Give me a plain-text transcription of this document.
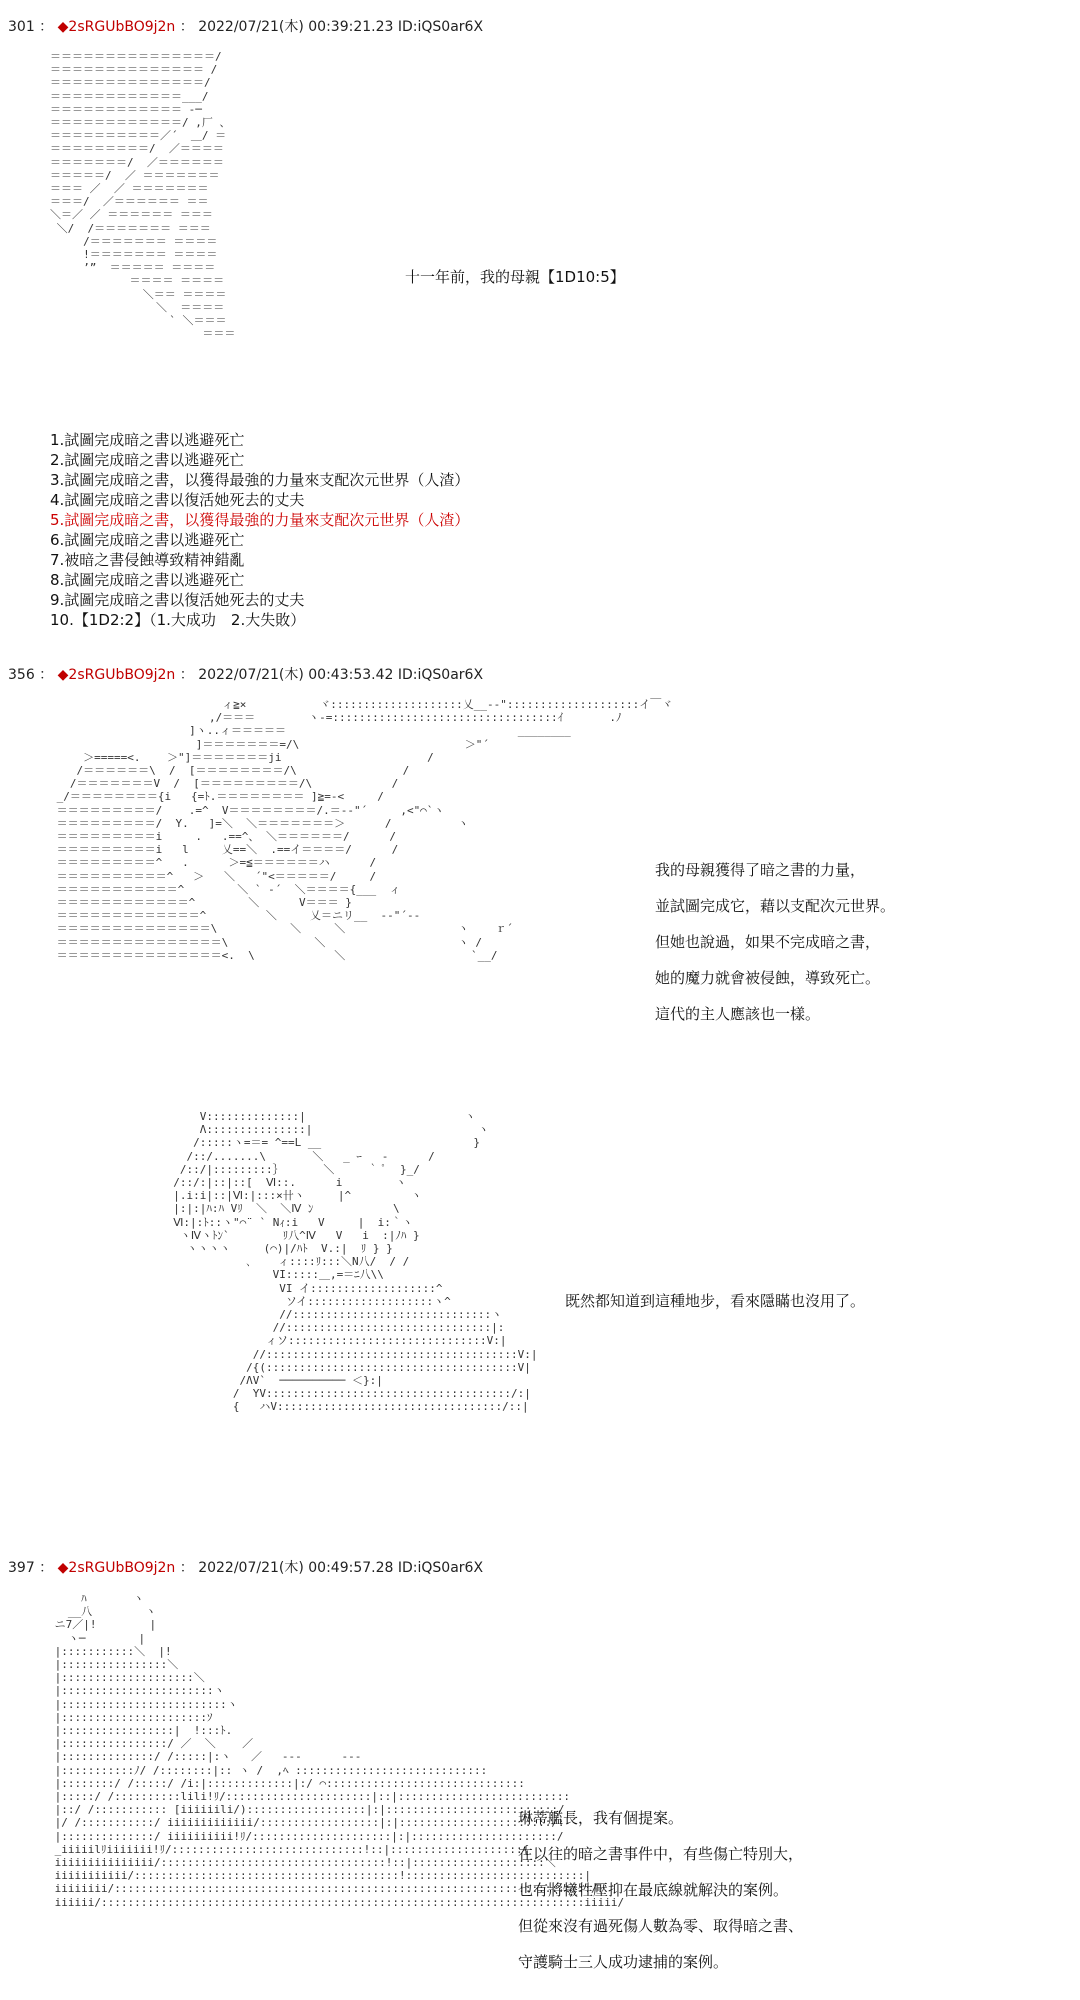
301 ： ◆2sRGUbBO9j2n ： 2022/07/21(木) 00:39:21.23 ID:iQS0ar6X
＝＝＝＝＝＝＝＝＝＝＝＝＝＝＝/
＝＝＝＝＝＝＝＝＝＝＝＝＝＝ /
＝＝＝＝＝＝＝＝＝＝＝＝＝＝/
＝＝＝＝＝＝＝＝＝＝＝＝___/
＝＝＝＝＝＝＝＝＝＝＝＝ -─
＝＝＝＝＝＝＝＝＝＝＝＝/ ,厂 、
＝＝＝＝＝＝＝＝＝＝／´  ＿/ ＝
＝＝＝＝＝＝＝＝＝/  ／＝＝＝＝
＝＝＝＝＝＝＝/  ／＝＝＝＝＝＝
＝＝＝＝＝/  ／ ＝＝＝＝＝＝＝
＝＝＝ ／  ／ ＝＝＝＝＝＝＝
＝＝＝/  ／＝＝＝＝＝＝ ＝＝
＼＝／ ／ ＝＝＝＝＝＝ ＝＝＝
＼/  /＝＝＝＝＝＝＝ ＝＝＝
/＝＝＝＝＝＝＝ ＝＝＝＝
!＝＝＝＝＝＝＝ ＝＝＝＝
’”  ＝＝＝＝＝ ＝＝＝＝
＝＝＝＝ ＝＝＝＝
＼＝＝ ＝＝＝＝
＼  ＝＝＝＝
` ＼＝＝＝
＝＝＝
十一年前，我的母親【1D10:5】
1.試圖完成暗之書以逃避死亡
2.試圖完成暗之書以逃避死亡
3.試圖完成暗之書，以獲得最強的力量來支配次元世界（人渣）
4.試圖完成暗之書以復活她死去的丈夫
5.試圖完成暗之書，以獲得最強的力量來支配次元世界（人渣）
6.試圖完成暗之書以逃避死亡
7.被暗之書侵蝕導致精神錯亂
8.試圖完成暗之書以逃避死亡
9.試圖完成暗之書以復活她死去的丈夫
10.【1D2:2】（1.大成功　2.大失敗）
356 ： ◆2sRGUbBO9j2n ： 2022/07/21(木) 00:43:53.42 ID:iQS0ar6X
ィ≧×           ヾ::::::::::::::::::::乂__-‐"::::::::::::::::::::イ￣ヾ
,/＝＝＝        ヽ-=::::::::::::::::::::::::::::::::::ｲ       .ﾉ
]ヽ..ィ＝＝＝＝＝                                   ________
]＝＝＝＝＝＝＝=/\                         ＞"´
＞=====<.    ＞"]＝＝＝＝＝＝＝ji                      /
/＝＝＝＝＝＝\  /  [＝＝＝＝＝＝＝＝/\                /
/＝＝＝＝＝＝＝V  /  [＝＝＝＝＝＝＝＝＝/\            /
_/＝＝＝＝＝＝＝＝{i   {=ﾄ.＝＝＝＝＝＝＝＝ ]≧=-<     /
＝＝＝＝＝＝＝＝＝/    .=^  V＝＝＝＝＝＝＝＝/.＝-‐"´     ,<"⌒`ヽ
＝＝＝＝＝＝＝＝＝/  Y.   ]=＼  ＼＝＝＝＝＝＝＝＞      /          ヽ
＝＝＝＝＝＝＝＝＝i     .   .==^、 ＼＝＝＝＝＝＝/      /
＝＝＝＝＝＝＝＝＝i   l     乂==＼  .==イ＝＝＝＝/      /
＝＝＝＝＝＝＝＝＝^   .      ＞=≦＝＝＝＝＝＝ハ      /
＝＝＝＝＝＝＝＝＝＝^   ＞   ＼   ´"<＝＝＝＝＝/     /
＝＝＝＝＝＝＝＝＝＝＝^        ＼ ` -´  ＼＝＝＝＝{___  ィ
＝＝＝＝＝＝＝＝＝＝＝＝^        ＼      V＝＝＝ }
＝＝＝＝＝＝＝＝＝＝＝＝＝^         ＼     乂＝ニリ__  -‐"´‐-
＝＝＝＝＝＝＝＝＝＝＝＝＝＝\           ＼     ＼                 ヽ    ｒ´
＝＝＝＝＝＝＝＝＝＝＝＝＝＝＝\             ＼                    ヽ /
＝＝＝＝＝＝＝＝＝＝＝＝＝＝＝<.  \            ＼                   `__/
我的母親獲得了暗之書的力量，
並試圖完成它，藉以支配次元世界。
但她也說過，如果不完成暗之書，
她的魔力就會被侵蝕，導致死亡。
這代的主人應該也一樣。
V::::::::::::::|                        ヽ
Λ:::::::::::::::|                         ヽ
/:::::ヽ=＝= ^==L __                       }
/::/.......\       ＼   _ ｰ   -      /
/::/|:::::::::｝      ＼     ｀ ﾟ  }_/
/::/:|::|::[  Ⅵ::.      i        ヽ
|.i:i|::|Ⅵ:|:::×卄ヽ     |^         ヽ
|:|:|ﾊ:ﾊ Vﾘ  ＼  ＼Ⅳ ﾝ            \
Ⅵ:|:ﾄ::ヽ"⌒¨ ` Nｨ:i   V     |  i:｀ヽ
ヽⅣヽﾄﾝ`        ﾘ八^Ⅳ   V   i  :|ﾉﾊ }
ヽヽヽヽ     (⌒)|/ﾊﾄ  V.:|  ﾘ } }
､    ィ::::ﾘ:::＼N八/  / /
VI:::::＿,=＝ﾆ八\\
VI イ:::::::::::::::::::^
ソイ:::::::::::::::::::ヽ^
//::::::::::::::::::::::::::::::ヽ
//:::::::::::::::::::::::::::::::|:
ィソ::::::::::::::::::::::::::::::V:|
//::::::::::::::::::::::::::::::::::::::V:|
/{(::::::::::::::::::::::::::::::::::::::V|
/ΛV`  ────────── ＜}:|
/  YV:::::::::::::::::::::::::::::::::::::/:|
{   ハV::::::::::::::::::::::::::::::::::/::|
既然都知道到這種地步，看來隱瞞也沒用了。
397 ： ◆2sRGUbBO9j2n ： 2022/07/21(木) 00:49:57.28 ID:iQS0ar6X
ﾊ       ヽ
__八        ヽ
ニ7／|!        |
ヽ─        |
|:::::::::::＼  |!
|::::::::::::::::＼
|::::::::::::::::::::＼
|:::::::::::::::::::::::ヽ
|:::::::::::::::::::::::::ヽ
|::::::::::::::::::::::ｿ
|:::::::::::::::::|  !:::ﾄ.
|::::::::::::::::/ ／  ＼    ／
|::::::::::::::/ /:::::|:ヽ   ／   ---      ---
|:::::::::::ﾉ/ /::::::::|:: ヽ /  ,ﾍ :::::::::::::::::::::::::::::
|::::::::/ /:::::/ /i:|:::::::::::::|:/ ⌒::::::::::::::::::::::::::::::
|:::::/ /::::::::::lili!ﾘ/::::::::::::::::::::::|::|::::::::::::::::::::::::::
|::/ /::::::::::: [iiiiiili/)::::::::::::::::::|:|::::::::::::::::::::::::::/
|/ /:::::::::::/ iiiiiiiiiiiii/::::::::::::::::::|:|:::::::::::::::::::::::/:
|::::::::::::::/ iiiiiiiiii!ﾘ/:::::::::::::::::::::|:|::::::::::::::::::::::/
_iiiiilﾘiiiiiii!ﾘ/:::::::::::::::::::::::::::::!::|::::::::::::::::::::{
iiiiiiiiiiiiiii/::::::::::::::::::::::::::::::::::!::|::::::::::::::::::::＼
iiiiiiiiiii/::::::::::::::::::::::::::::::::::::::::!:::::::::::::::::::::::::::|
iiiiiiii/::::::::::::::::::::::::::::::::::::::::::::::::::::::::::::::::::::::::/
iiiiii/:::::::::::::::::::::::::::::::::::::::::::::::::::::::::::::::::::::::::iiiii/
琳蒂艦長，我有個提案。
在以往的暗之書事件中，有些傷亡特別大，
也有將犧牲壓抑在最底線就解決的案例。
但從來沒有過死傷人數為零、取得暗之書、
守護騎士三人成功逮捕的案例。
